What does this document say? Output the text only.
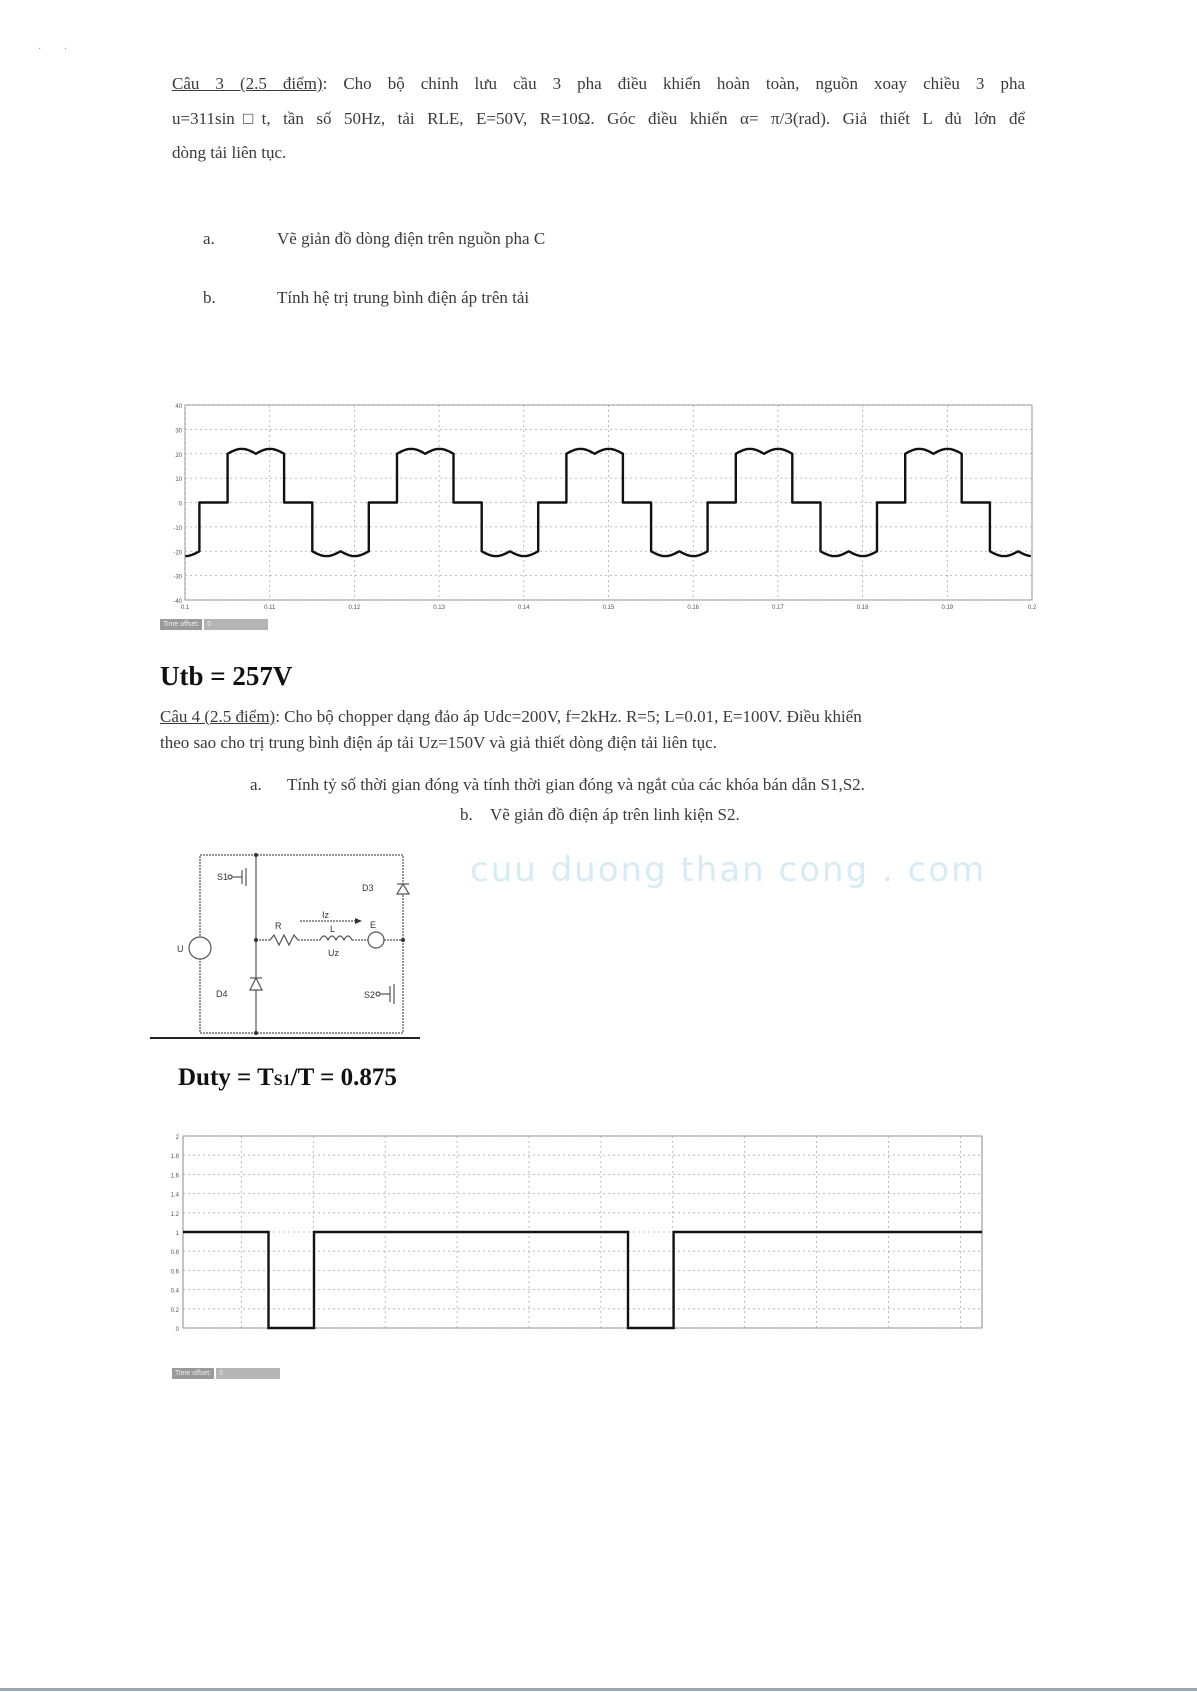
·         ·
Câu 3 (2.5 điểm): Cho bộ chỉnh lưu cầu 3 pha điều khiển hoàn toàn, nguồn xoay chiều 3 pha
u=311sin□t, tần số 50Hz, tải RLE, E=50V, R=10Ω. Góc điều khiển α= π/3(rad). Giả thiết L đủ lớn để
dòng tải liên tục.
a.	Vẽ giản đồ dòng điện trên nguồn pha C
b.	Tính hệ trị trung bình điện áp trên tải
40
30
20
10
0
-10
-20
-30
-40
0.1	0.11	0.12	0.13	0.14	0.15	0.16	0.17	0.18	0.19	0.2
Time offset:	0
Utb = 257V
Câu 4 (2.5 điểm): Cho bộ chopper dạng đảo áp Udc=200V, f=2kHz. R=5; L=0.01, E=100V. Điều khiển
theo sao cho trị trung bình điện áp tải Uz=150V và giả thiết dòng điện tải liên tục.
a. Tính tỷ số thời gian đóng và tính thời gian đóng và ngắt của các khóa bán dẫn S1,S2.
b. Vẽ giản đồ điện áp trên linh kiện S2.
cuu duong than cong . com
S1
S2
D3
D4
U
R	L
Iz
Uz
E
Duty = TS1/T = 0.875
2
1.8
1.6
1.4
1.2
1
0.8
0.6
0.4
0.2
0
Time offset:	0
